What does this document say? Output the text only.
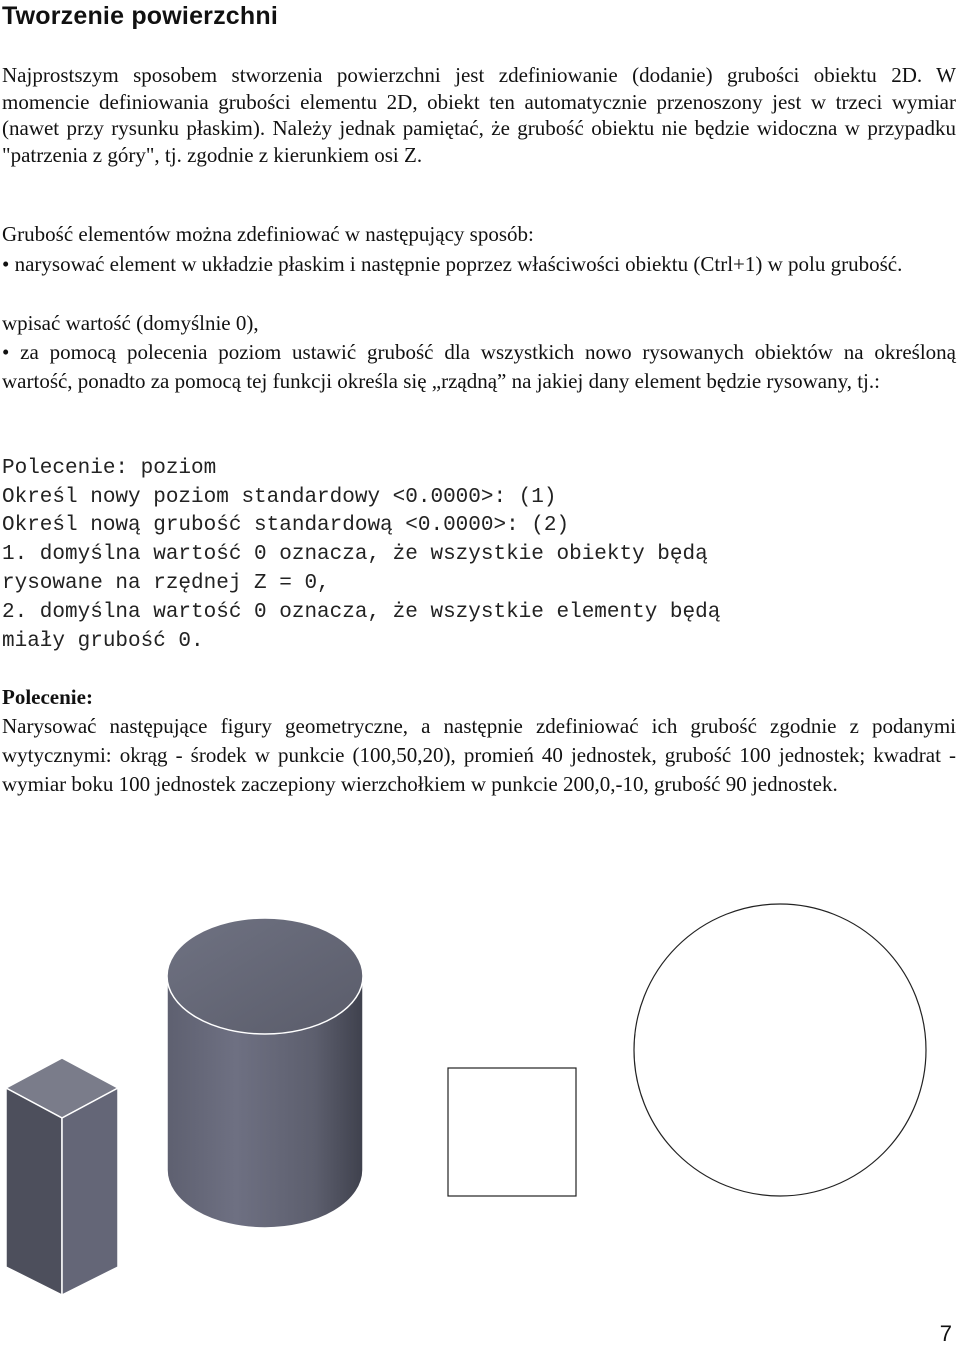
Tworzenie powierzchni

Najprostszym sposobem stworzenia powierzchni jest zdefiniowanie (dodanie) grubości obiektu 2D. W momencie definiowania grubości elementu 2D, obiekt ten automatycznie przenoszony jest w trzeci wymiar (nawet przy rysunku płaskim). Należy jednak pamiętać, że grubość obiektu nie będzie widoczna w przypadku "patrzenia z góry", tj. zgodnie z kierunkiem osi Z.

Grubość elementów można zdefiniować w następujący sposób:

• narysować element w układzie płaskim i następnie poprzez właściwości obiektu (Ctrl+1) w polu grubość.

wpisać wartość (domyślnie 0),

• za pomocą polecenia poziom ustawić grubość dla wszystkich nowo rysowanych obiektów na określoną wartość, ponadto za pomocą tej funkcji określa się „rządną” na jakiej dany element będzie rysowany, tj.:

Polecenie: poziom

Określ nowy poziom standardowy <0.0000>: (1)

Określ nową grubość standardową <0.0000>: (2)

1. domyślna wartość 0 oznacza, że wszystkie obiekty będą

rysowane na rzędnej Z = 0,

2. domyślna wartość 0 oznacza, że wszystkie elementy będą

miały grubość 0.

Polecenie:

Narysować następujące figury geometryczne, a następnie zdefiniować ich grubość zgodnie z podanymi wytycznymi: okrąg - środek w punkcie (100,50,20), promień 40 jednostek, grubość 100 jednostek; kwadrat - wymiar boku 100 jednostek zaczepiony wierzchołkiem w punkcie 200,0,-10, grubość 90 jednostek.

7
